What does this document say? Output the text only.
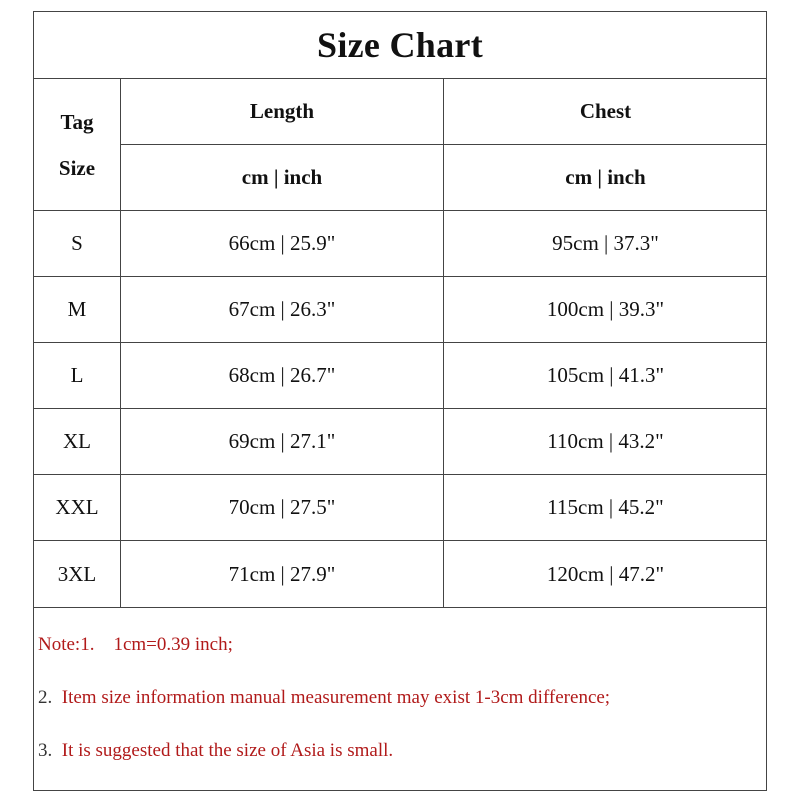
Size Chart
Tag
Size
Length	Chest
cm | inch	cm | inch
S	66cm | 25.9"	95cm | 37.3"
M	67cm | 26.3"	100cm | 39.3"
L	68cm | 26.7"	105cm | 41.3"
XL	69cm | 27.1"	110cm | 43.2"
XXL	70cm | 27.5"	115cm | 45.2"
3XL	71cm | 27.9"	120cm | 47.2"
Note:1. 1cm=0.39 inch;
2. Item size information manual measurement may exist 1-3cm difference;
3. It is suggested that the size of Asia is small.
